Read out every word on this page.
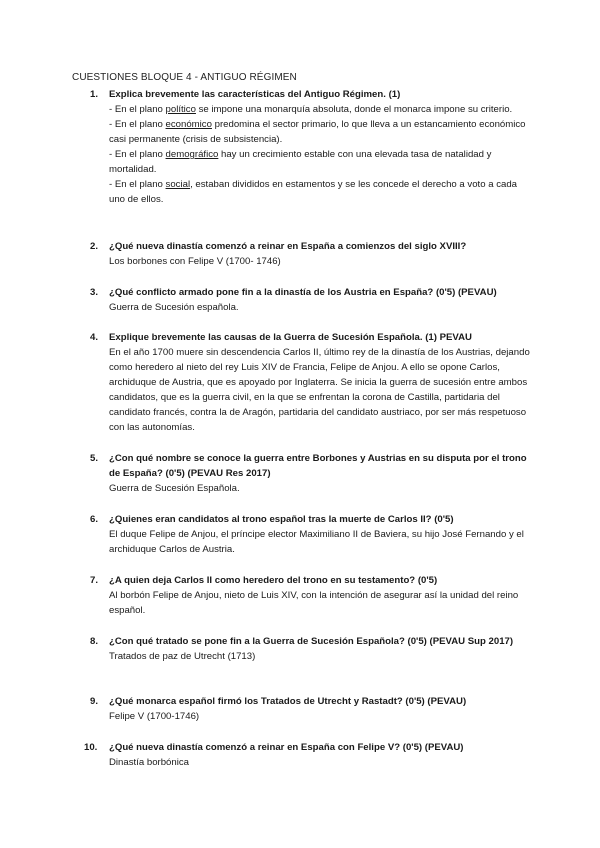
CUESTIONES BLOQUE 4 - ANTIGUO RÉGIMEN
1. Explica brevemente las características del Antiguo Régimen. (1)
- En el plano político se impone una monarquía absoluta, donde el monarca impone su criterio.
- En el plano económico predomina el sector primario, lo que lleva a un estancamiento económico casi permanente (crisis de subsistencia).
- En el plano demográfico hay un crecimiento estable con una elevada tasa de natalidad y mortalidad.
- En el plano social, estaban divididos en estamentos y se les concede el derecho a voto a cada uno de ellos.
2. ¿Qué nueva dinastía comenzó a reinar en España a comienzos del siglo XVIII?
Los borbones con Felipe V (1700- 1746)
3. ¿Qué conflicto armado pone fin a la dinastía de los Austria en España? (0'5) (PEVAU)
Guerra de Sucesión española.
4. Explique brevemente las causas de la Guerra de Sucesión Española. (1) PEVAU
En el año 1700 muere sin descendencia Carlos II, último rey de la dinastía de los Austrias, dejando como heredero al nieto del rey Luis XIV de Francia, Felipe de Anjou. A ello se opone Carlos, archiduque de Austria, que es apoyado por Inglaterra. Se inicia la guerra de sucesión entre ambos candidatos, que es la guerra civil, en la que se enfrentan la corona de Castilla, partidaria del candidato francés, contra la de Aragón, partidaria del candidato austriaco, por ser más respetuoso con las autonomías.
5. ¿Con qué nombre se conoce la guerra entre Borbones y Austrias en su disputa por el trono de España? (0'5) (PEVAU Res 2017)
Guerra de Sucesión Española.
6. ¿Quienes eran candidatos al trono español tras la muerte de Carlos II? (0'5)
El duque Felipe de Anjou, el príncipe elector Maximiliano II de Baviera, su hijo José Fernando y el archiduque Carlos de Austria.
7. ¿A quien deja Carlos II como heredero del trono en su testamento? (0'5)
Al borbón Felipe de Anjou, nieto de Luis XIV, con la intención de asegurar así la unidad del reino español.
8. ¿Con qué tratado se pone fin a la Guerra de Sucesión Española? (0'5) (PEVAU Sup 2017)
Tratados de paz de Utrecht (1713)
9. ¿Qué monarca español firmó los Tratados de Utrecht y Rastadt? (0'5) (PEVAU)
Felipe V (1700-1746)
10. ¿Qué nueva dinastía comenzó a reinar en España con Felipe V? (0'5) (PEVAU)
Dinastía borbónica
